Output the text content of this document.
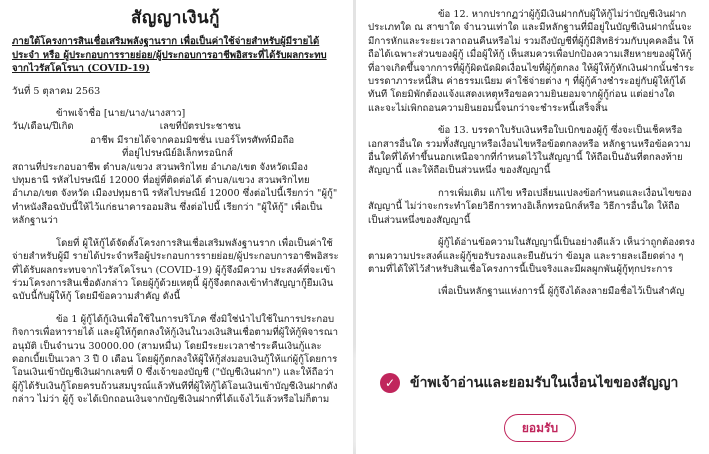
สัญญาเงินกู้

ภายใต้โครงการสินเชื่อเสริมพลังฐานราก เพื่อเป็นค่าใช้จ่ายสำหรับผู้มีรายได้ประจำ หรือ ผู้ประกอบการรายย่อย/ผู้ประกอบการอาชีพอิสระที่ได้รับผลกระทบจากไวรัสโคโรนา (COVID-19)

วันที่ 5 ตุลาคม 2563

ข้าพเจ้าชื่อ [นาย/นาง/นางสาว]

วัน/เดือน/ปีเกิด	เลขที่บัตรประชาชน

อาชีพ มีรายได้จากคอมมิชชั่น เบอร์โทรศัพท์มือถือ

ที่อยู่ไปรษณีย์อิเล็กทรอนิกส์

สถานที่ประกอบอาชีพ ตำบล/แขวง สวนพริกไทย อำเภอ/เขต จังหวัดเมืองปทุมธานี รหัสไปรษณีย์ 12000 ที่อยู่ที่ติดต่อได้ ตำบล/แขวง สวนพริกไทย อำเภอ/เขต จังหวัด เมืองปทุมธานี รหัสไปรษณีย์ 12000 ซึ่งต่อไปนี้เรียกว่า "ผู้กู้" ทำหนังสือฉบับนี้ให้ไว้แก่ธนาคารออมสิน ซึ่งต่อไปนี้ เรียกว่า "ผู้ให้กู้" เพื่อเป็นหลักฐานว่า

โดยที่ ผู้ให้กู้ได้จัดตั้งโครงการสินเชื่อเสริมพลังฐานราก เพื่อเป็นค่าใช้จ่ายสำหรับผู้มี รายได้ประจำหรือผู้ประกอบการรายย่อย/ผู้ประกอบการอาชีพอิสระที่ได้รับผลกระทบจากไวรัสโคโรนา (COVID-19) ผู้กู้จึงมีความ ประสงค์ที่จะเข้าร่วมโครงการสินเชื่อดังกล่าว โดยผู้กู้ด้วยเหตุนี้ ผู้กู้จึงตกลงเข้าทำสัญญากู้ยืมเงินฉบับนี้กับผู้ให้กู้ โดยมีข้อความสำคัญ ดังนี้

ข้อ 1 ผู้กู้ได้กู้เงินเพื่อใช้ในการบริโภค ซึ่งมิใช่นำไปใช้ในการประกอบกิจการเพื่อหารายได้ และผู้ให้กู้ตกลงให้กู้เงินในวงเงินสินเชื่อตามที่ผู้ให้กู้พิจารณาอนุมัติ เป็นจำนวน 30000.00 (สามหมื่น) โดยมีระยะเวลาชำระคืนเงินกู้และดอกเบี้ยเป็นเวลา 3 ปี 0 เดือน โดยผู้กู้ตกลงให้ผู้ให้กู้ส่งมอบเงินกู้ให้แก่ผู้กู้โดยการโอนเงินเข้าบัญชีเงินฝากเลขที่ 0 ซึ่งเจ้าของบัญชี ("บัญชีเงินฝาก") และให้ถือว่าผู้กู้ได้รับเงินกู้โดยครบถ้วนสมบูรณ์แล้วทันทีที่ผู้ให้กู้ได้โอนเงินเข้าบัญชีเงินฝากดังกล่าว ไม่ว่า ผู้กู้ จะได้เบิกถอนเงินจากบัญชีเงินฝากที่ได้แจ้งไว้แล้วหรือไม่ก็ตาม

ข้อ 12. หากปรากฏว่าผู้กู้มีเงินฝากกับผู้ให้กู้ไม่ว่าบัญชีเงินฝากประเภทใด ณ สาขาใด จำนวนเท่าใด และมีหลักฐานที่มีอยู่ในบัญชีเงินฝากนั้นจะมีการหักและระยะเวลาถอนคืนหรือไม่ รวมถึงบัญชีที่ผู้กู้มีสิทธิร่วมกับบุคคลอื่น ให้ถือได้เฉพาะส่วนของผู้กู้ เมื่อผู้ให้กู้ เห็นสมควรเพื่อปกป้องความเสียหายของผู้ให้กู้ที่อาจเกิดขึ้นจากการที่ผู้กู้ผิดนัดผิดเงื่อนไขที่ผู้กู้ตกลง ให้ผู้ให้กู้หักเงินฝากนั้นชำระบรรดาภาระหนี้สิน ค่าธรรมเนียม ค่าใช้จ่ายต่าง ๆ ที่ผู้กู้ค้างชำระอยู่กับผู้ให้กู้ได้ทันที โดยมิพักต้องแจ้งแสดงเหตุหรือขอความยินยอมจากผู้กู้ก่อน แต่อย่างใด และจะไม่เพิกถอนความยินยอมนี้จนกว่าจะชำระหนี้เสร็จสิ้น

ข้อ 13. บรรดาใบรับเงินหรือใบเบิกของผู้กู้ ซึ่งจะเป็นเช็คหรือเอกสารอื่นใด รวมทั้งสัญญาหรือเงื่อนไขหรือข้อตกลงหรือ หลักฐานหรือข้อความอื่นใดที่ได้ทำขึ้นนอกเหนือจากที่กำหนดไว้ในสัญญานี้ ให้ถือเป็นอันที่ตกลงท้ายสัญญานี้ และให้ถือเป็นส่วนหนึ่ง ของสัญญานี้

การเพิ่มเติม แก้ไข หรือเปลี่ยนแปลงข้อกำหนดและเงื่อนไขของสัญญานี้ ไม่ว่าจะกระทำโดยวิธีการทางอิเล็กทรอนิกส์หรือ วิธีการอื่นใด ให้ถือเป็นส่วนหนึ่งของสัญญานี้

ผู้กู้ได้อ่านข้อความในสัญญานี้เป็นอย่างดีแล้ว เห็นว่าถูกต้องตรงตามความประสงค์และผู้กู้ขอรับรองและยืนยันว่า ข้อมูล และรายละเอียดต่าง ๆ ตามที่ได้ให้ไว้สำหรับสินเชื่อโครงการนี้เป็นจริงและมีผลผูกพันผู้กู้ทุกประการ

เพื่อเป็นหลักฐานแห่งการนี้ ผู้กู้จึงได้ลงลายมือชื่อไว้เป็นสำคัญ

✓ ข้าพเจ้าอ่านและยอมรับในเงื่อนไขของสัญญา
ยอมรับ
